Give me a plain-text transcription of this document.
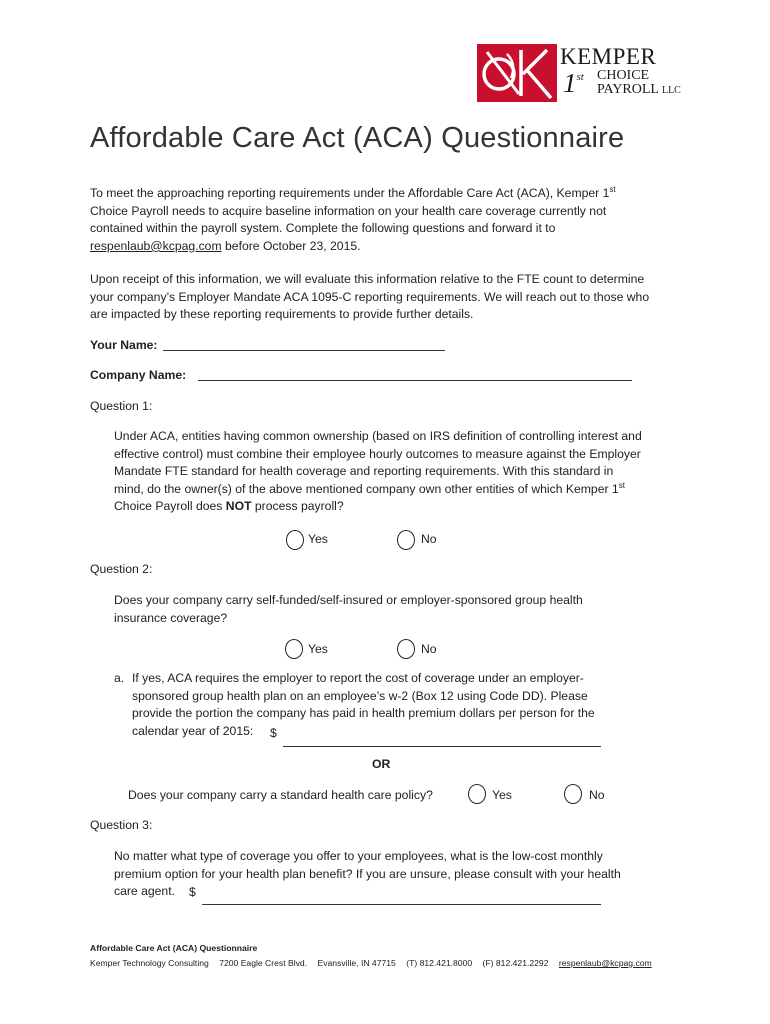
KEMPER
1st CHOICE
PAYROLL LLC
Affordable Care Act (ACA) Questionnaire
To meet the approaching reporting requirements under the Affordable Care Act (ACA), Kemper 1st Choice Payroll needs to acquire baseline information on your health care coverage currently not contained within the payroll system. Complete the following questions and forward it to respenlaub@kcpag.com before October 23, 2015.
Upon receipt of this information, we will evaluate this information relative to the FTE count to determine your company’s Employer Mandate ACA 1095-C reporting requirements. We will reach out to those who are impacted by these reporting requirements to provide further details.
Your Name:
Company Name:
Question 1:
Under ACA, entities having common ownership (based on IRS definition of controlling interest and effective control) must combine their employee hourly outcomes to measure against the Employer Mandate FTE standard for health coverage and reporting requirements. With this standard in mind, do the owner(s) of the above mentioned company own other entities of which Kemper 1st Choice Payroll does NOT process payroll?
Yes	No
Question 2:
Does your company carry self-funded/self-insured or employer-sponsored group health insurance coverage?
Yes	No
a. If yes, ACA requires the employer to report the cost of coverage under an employer-sponsored group health plan on an employee’s w-2 (Box 12 using Code DD). Please provide the portion the company has paid in health premium dollars per person for the calendar year of 2015:	$
OR
Does your company carry a standard health care policy?	Yes	No
Question 3:
No matter what type of coverage you offer to your employees, what is the low-cost monthly premium option for your health plan benefit? If you are unsure, please consult with your health care agent.	$
Affordable Care Act (ACA) Questionnaire
Kemper Technology Consulting 7200 Eagle Crest Blvd. Evansville, IN 47715 (T) 812.421.8000 (F) 812.421.2292 respenlaub@kcpag.com
